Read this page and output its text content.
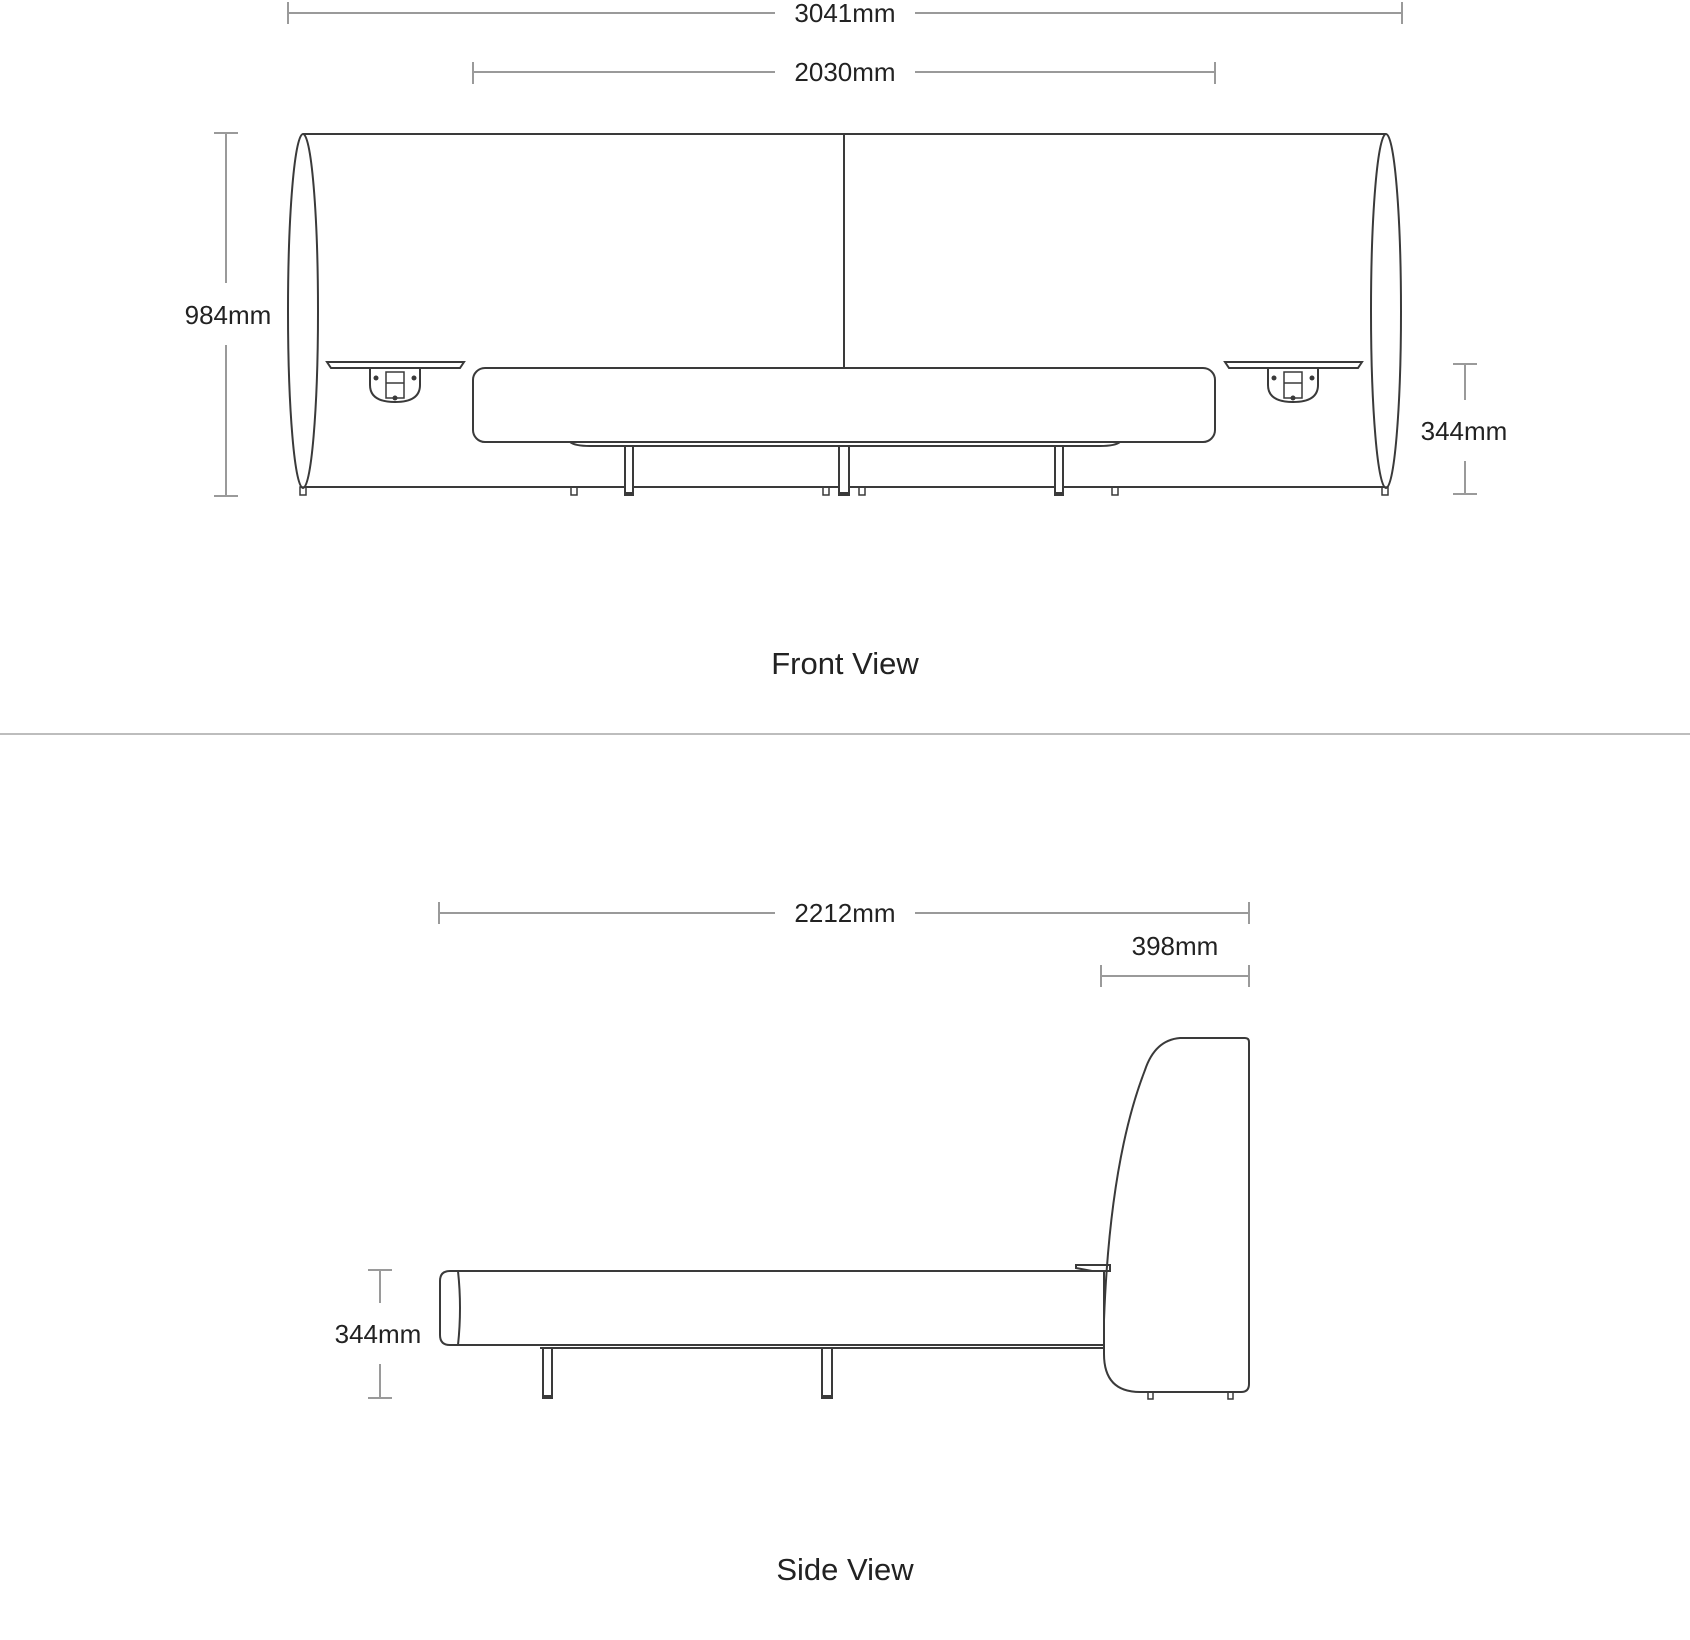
3041mm
2030mm
984mm
344mm
Front View
2212mm
398mm
344mm
Side View
